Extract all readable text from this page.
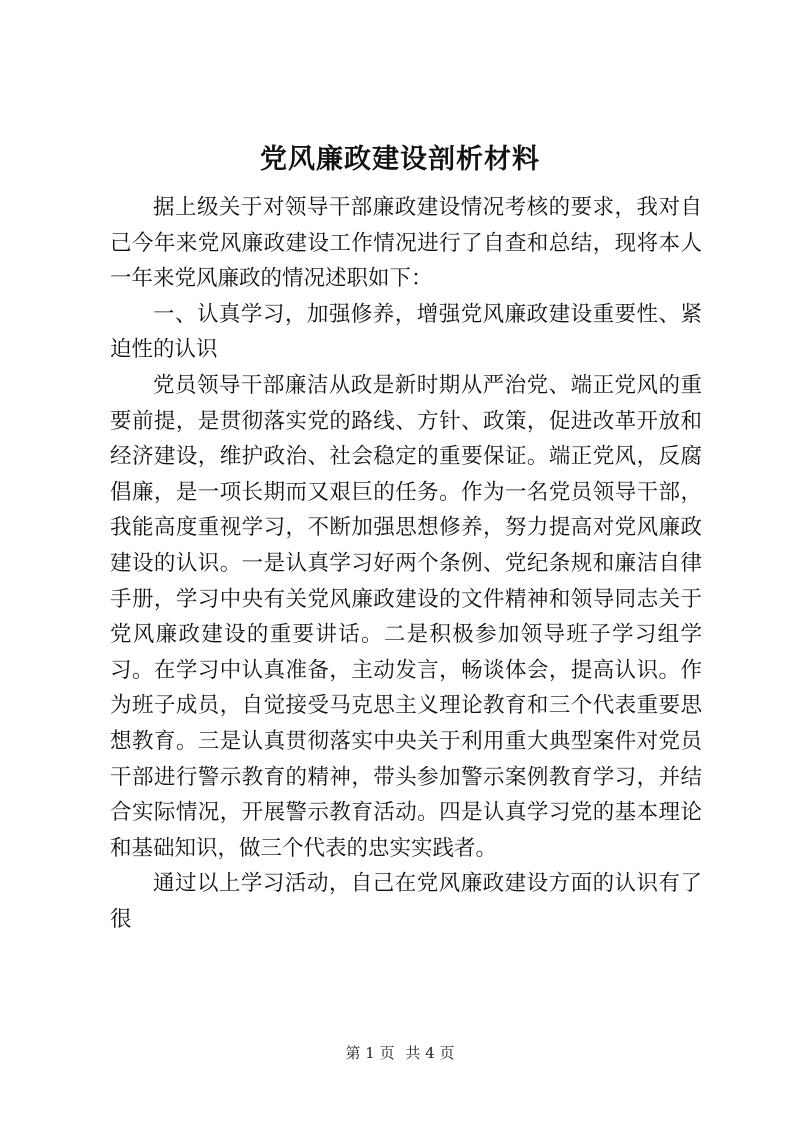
党风廉政建设剖析材料

据上级关于对领导干部廉政建设情况考核的要求，我对自己今年来党风廉政建设工作情况进行了自查和总结，现将本人一年来党风廉政的情况述职如下：

一、认真学习，加强修养，增强党风廉政建设重要性、紧迫性的认识

党员领导干部廉洁从政是新时期从严治党、端正党风的重要前提，是贯彻落实党的路线、方针、政策，促进改革开放和经济建设，维护政治、社会稳定的重要保证。端正党风，反腐倡廉，是一项长期而又艰巨的任务。作为一名党员领导干部，我能高度重视学习，不断加强思想修养，努力提高对党风廉政建设的认识。一是认真学习好两个条例、党纪条规和廉洁自律手册，学习中央有关党风廉政建设的文件精神和领导同志关于党风廉政建设的重要讲话。二是积极参加领导班子学习组学习。在学习中认真准备，主动发言，畅谈体会，提高认识。作为班子成员，自觉接受马克思主义理论教育和三个代表重要思想教育。三是认真贯彻落实中央关于利用重大典型案件对党员干部进行警示教育的精神，带头参加警示案例教育学习，并结合实际情况，开展警示教育活动。四是认真学习党的基本理论和基础知识，做三个代表的忠实实践者。

通过以上学习活动，自己在党风廉政建设方面的认识有了很

第 1 页 共 4 页
